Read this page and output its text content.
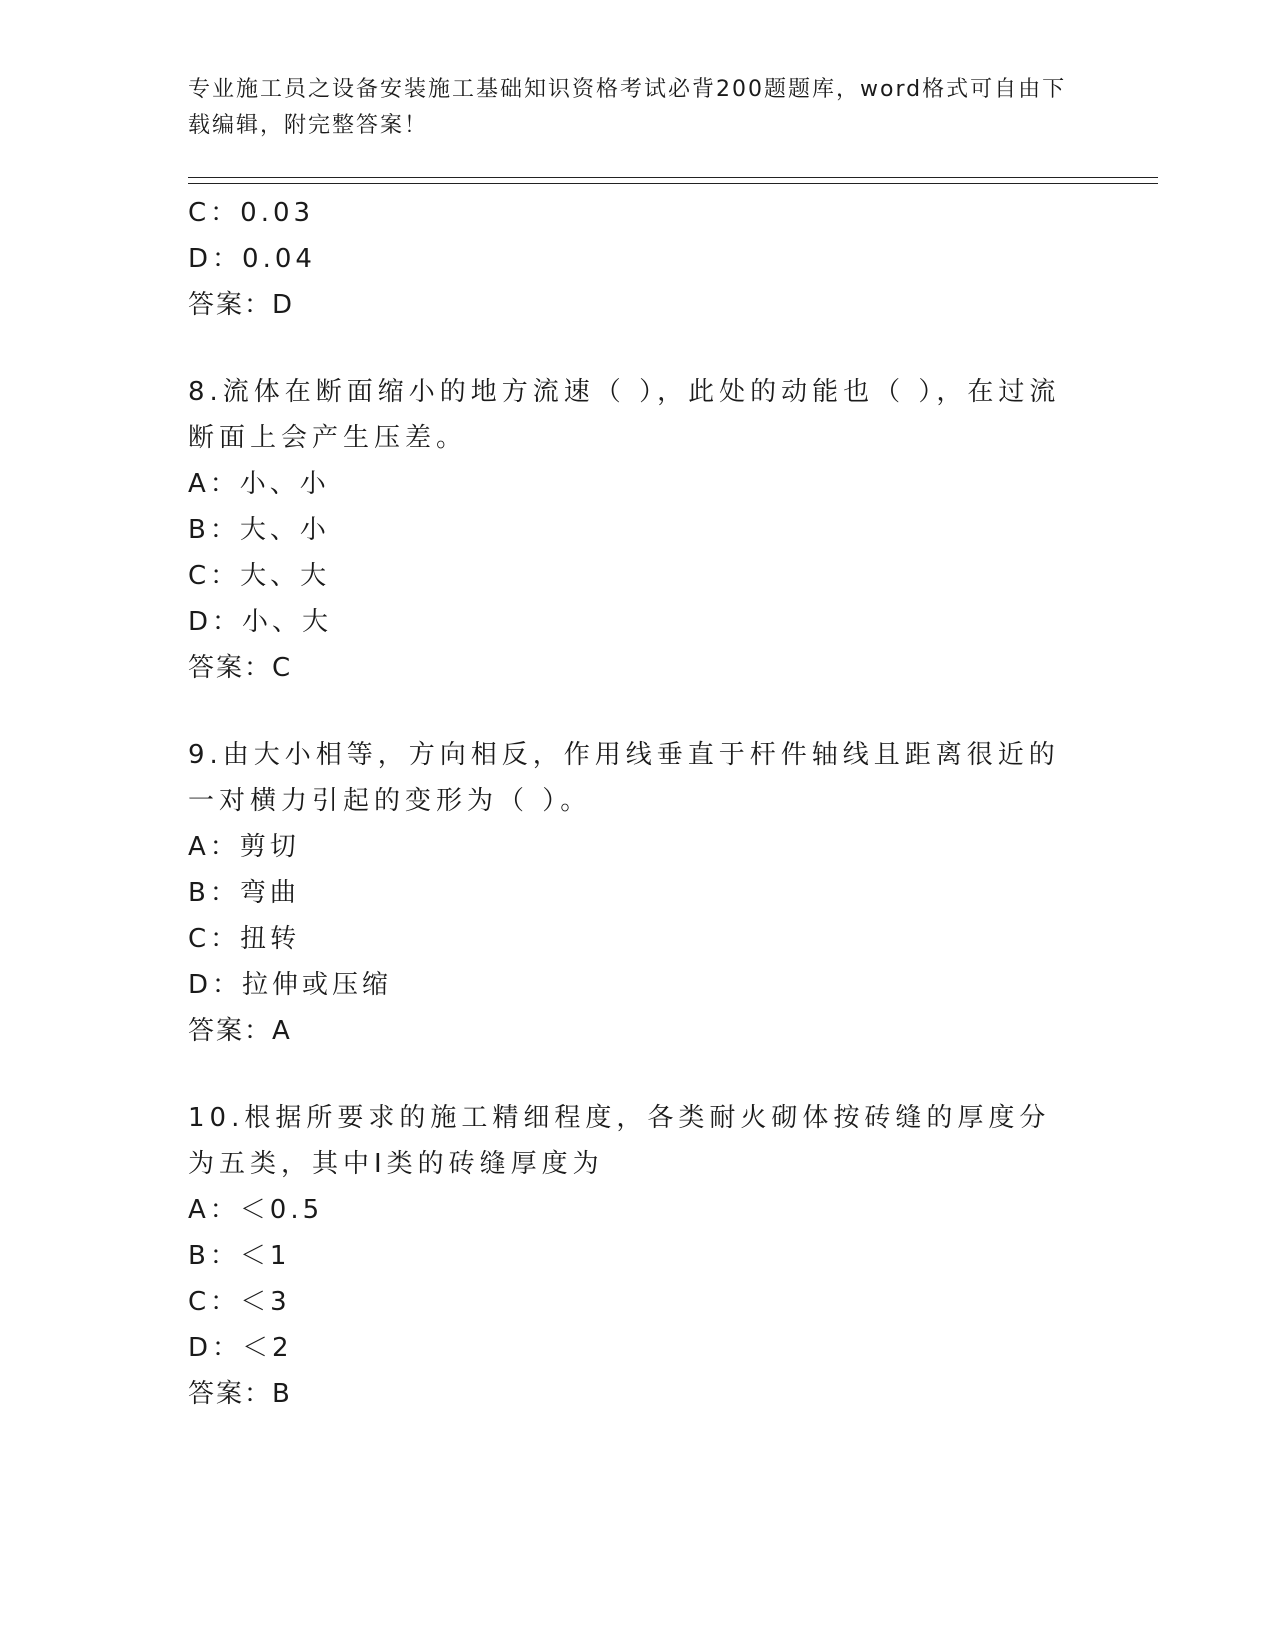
专业施工员之设备安装施工基础知识资格考试必背200题题库，word格式可自由下载编辑，附完整答案！
C：0.03
D：0.04
答案：D
8.流体在断面缩小的地方流速（ ），此处的动能也（ ），在过流断面上会产生压差。
A：小、小
B：大、小
C：大、大
D：小、大
答案：C
9.由大小相等，方向相反，作用线垂直于杆件轴线且距离很近的一对横力引起的变形为（ ）。
A：剪切
B：弯曲
C：扭转
D：拉伸或压缩
答案：A
10.根据所要求的施工精细程度，各类耐火砌体按砖缝的厚度分为五类，其中Ⅰ类的砖缝厚度为
A：＜0.5
B：＜1
C：＜3
D：＜2
答案：B
